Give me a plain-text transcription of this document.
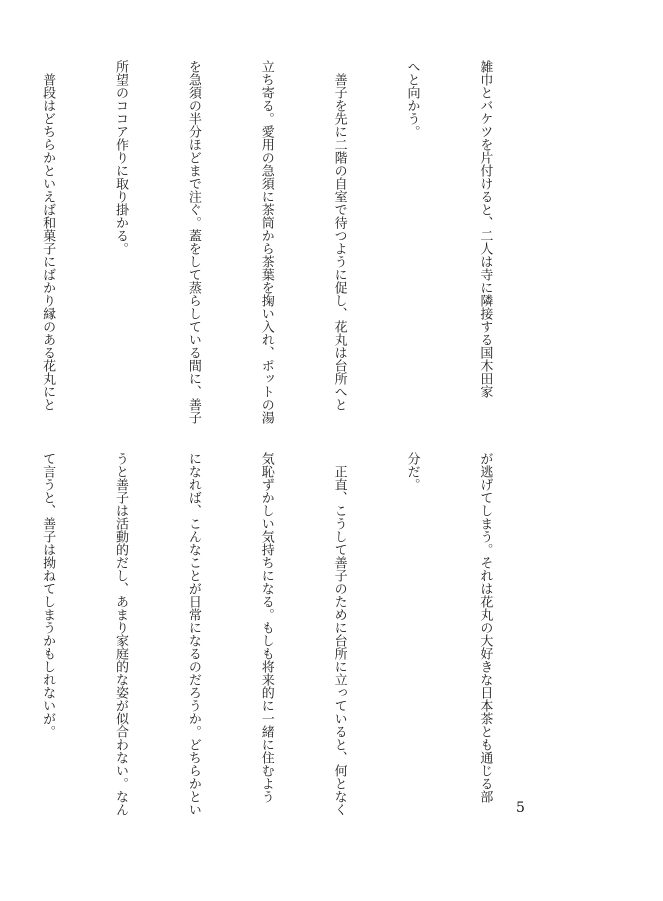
雑巾とバケツを片付けると、二人は寺に隣接する国木田家

へと向かう。

　善子を先に二階の自室で待つように促し、花丸は台所へと

立ち寄る。愛用の急須に茶筒から茶葉を掬い入れ、ポットの湯

を急須の半分ほどまで注ぐ。蓋をして蒸らしている間に、善子

所望のココア作りに取り掛かる。

　普段はどちらかといえば和菓子にばかり縁のある花丸にと

が逃げてしまう。それは花丸の大好きな日本茶とも通じる部

分だ。

　正直、こうして善子のために台所に立っていると、何となく

気恥ずかしい気持ちになる。もしも将来的に一緒に住むよう

になれば、こんなことが日常になるのだろうか。どちらかとい

うと善子は活動的だし、あまり家庭的な姿が似合わない。なん

て言うと、善子は拗ねてしまうかもしれないが。

5
